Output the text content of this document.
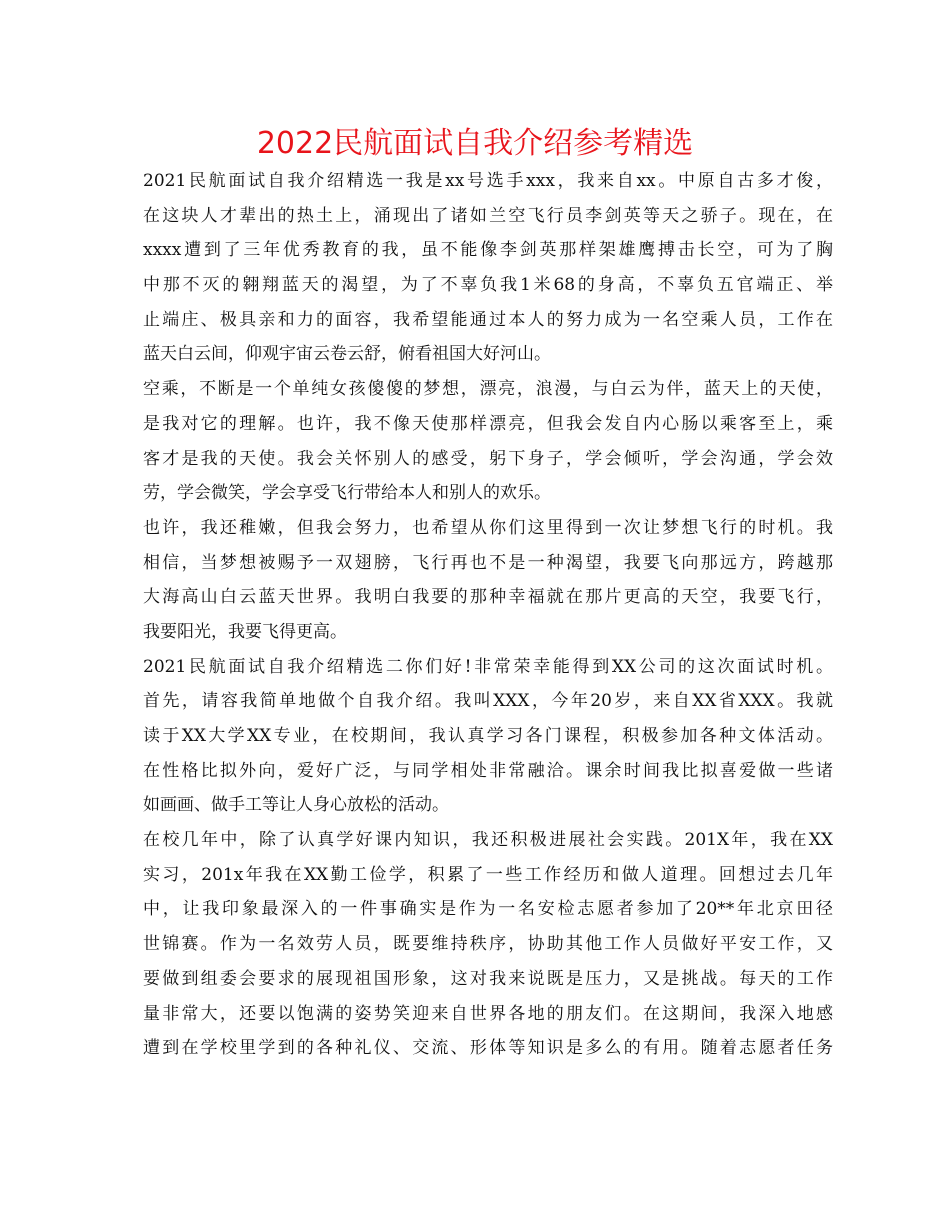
2022民航面试自我介绍参考精选
2021民航面试自我介绍精选一我是xx号选手xxx，我来自xx。中原自古多才俊，
在这块人才辈出的热土上，涌现出了诸如兰空飞行员李剑英等天之骄子。现在，在
xxxx遭到了三年优秀教育的我，虽不能像李剑英那样架雄鹰搏击长空，可为了胸
中那不灭的翱翔蓝天的渴望，为了不辜负我1米68的身高，不辜负五官端正、举
止端庄、极具亲和力的面容，我希望能通过本人的努力成为一名空乘人员，工作在
蓝天白云间，仰观宇宙云卷云舒，俯看祖国大好河山。
空乘，不断是一个单纯女孩傻傻的梦想，漂亮，浪漫，与白云为伴，蓝天上的天使，
是我对它的理解。也许，我不像天使那样漂亮，但我会发自内心肠以乘客至上，乘
客才是我的天使。我会关怀别人的感受，躬下身子，学会倾听，学会沟通，学会效
劳，学会微笑，学会享受飞行带给本人和别人的欢乐。
也许，我还稚嫩，但我会努力，也希望从你们这里得到一次让梦想飞行的时机。我
相信，当梦想被赐予一双翅膀，飞行再也不是一种渴望，我要飞向那远方，跨越那
大海高山白云蓝天世界。我明白我要的那种幸福就在那片更高的天空，我要飞行，
我要阳光，我要飞得更高。
2021民航面试自我介绍精选二你们好!非常荣幸能得到XX公司的这次面试时机。
首先，请容我简单地做个自我介绍。我叫XXX，今年20岁，来自XX省XXX。我就
读于XX大学XX专业，在校期间，我认真学习各门课程，积极参加各种文体活动。
在性格比拟外向，爱好广泛，与同学相处非常融洽。课余时间我比拟喜爱做一些诸
如画画、做手工等让人身心放松的活动。
在校几年中，除了认真学好课内知识，我还积极进展社会实践。201X年，我在XX
实习，201x年我在XX勤工俭学，积累了一些工作经历和做人道理。回想过去几年
中，让我印象最深入的一件事确实是作为一名安检志愿者参加了20**年北京田径
世锦赛。作为一名效劳人员，既要维持秩序，协助其他工作人员做好平安工作，又
要做到组委会要求的展现祖国形象，这对我来说既是压力，又是挑战。每天的工作
量非常大，还要以饱满的姿势笑迎来自世界各地的朋友们。在这期间，我深入地感
遭到在学校里学到的各种礼仪、交流、形体等知识是多么的有用。随着志愿者任务
